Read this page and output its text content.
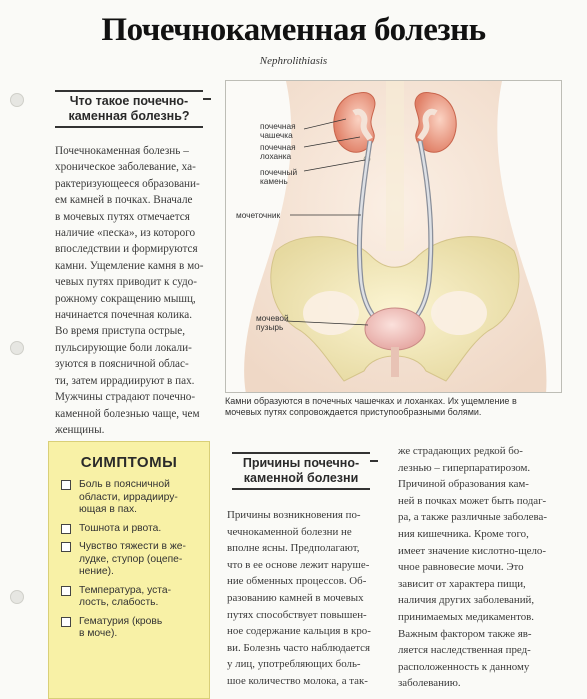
Почечнокаменная болезнь
Nephrolithiasis
Что такое почечно-
каменная болезнь?
Почечнокаменная болезнь –
хроническое заболевание, ха-
рактеризующееся образовани-
ем камней в почках. Вначале
в мочевых путях отмечается
наличие «песка», из которого
впоследствии и формируются
камни. Ущемление камня в мо-
чевых путях приводит к судо-
рожному сокращению мышц,
начинается почечная колика.
Во время приступа острые,
пульсирующие боли локали-
зуются в поясничной облас-
ти, затем иррадиируют в пах.
Мужчины страдают почечно-
каменной болезнью чаще, чем
женщины.
почечная
чашечка
почечная
лоханка
почечный
камень
мочеточник
мочевой
пузырь
Камни образуются в почечных чашечках и лоханках. Их ущемление в
мочевых путях сопровождается приступообразными болями.
СИМПТОМЫ
Боль в поясничной
области, иррадииру-
ющая в пах.
Тошнота и рвота.
Чувство тяжести в же-
лудке, ступор (оцепе-
нение).
Температура, уста-
лость, слабость.
Гематурия (кровь
в моче).
Причины почечно-
каменной болезни
Причины возникновения по-
чечнокаменной болезни не
вполне ясны. Предполагают,
что в ее основе лежит наруше-
ние обменных процессов. Об-
разованию камней в мочевых
путях способствует повышен-
ное содержание кальция в кро-
ви. Болезнь часто наблюдается
у лиц, употребляющих боль-
шое количество молока, а так-
же страдающих редкой бо-
лезнью – гиперпаратирозом.
Причиной образования кам-
ней в почках может быть подаг-
ра, а также различные заболева-
ния кишечника. Кроме того,
имеет значение кислотно-щело-
чное равновесие мочи. Это
зависит от характера пищи,
наличия других заболеваний,
принимаемых медикаментов.
Важным фактором также яв-
ляется наследственная пред-
расположенность к данному
заболеванию.
